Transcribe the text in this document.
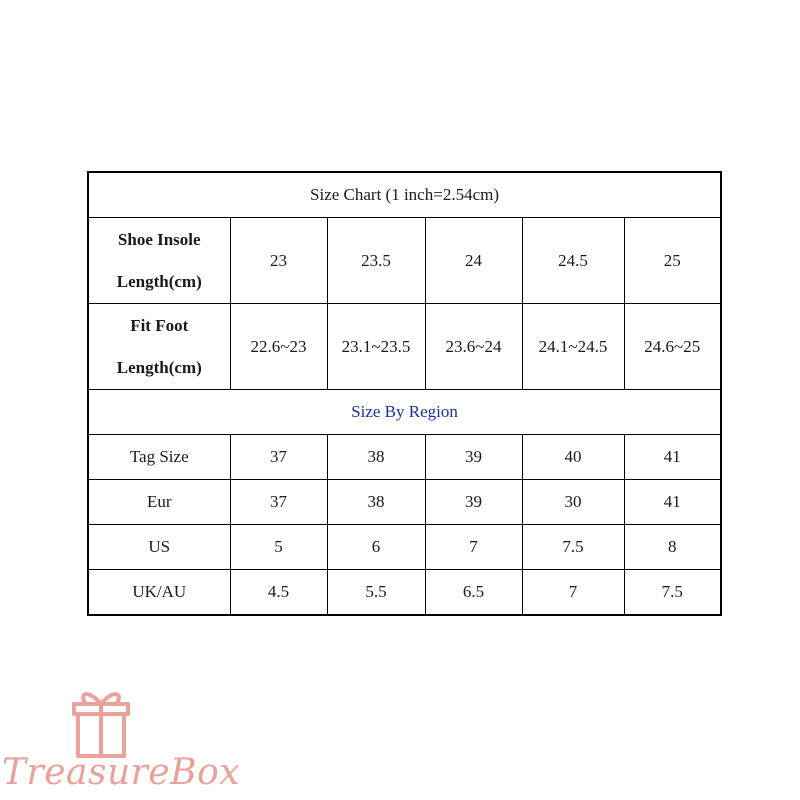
Size Chart (1 inch=2.54cm)					

Shoe Insole
Length(cm)	23	23.5	24	24.5	25

Fit Foot
Length(cm)	22.6~23	23.1~23.5	23.6~24	24.1~24.5	24.6~25
Size By Region					
Tag Size	37	38	39	40	41
Eur	37	38	39	30	41
US	5	6	7	7.5	8
UK/AU	4.5	5.5	6.5	7	7.5
TreasureBox
